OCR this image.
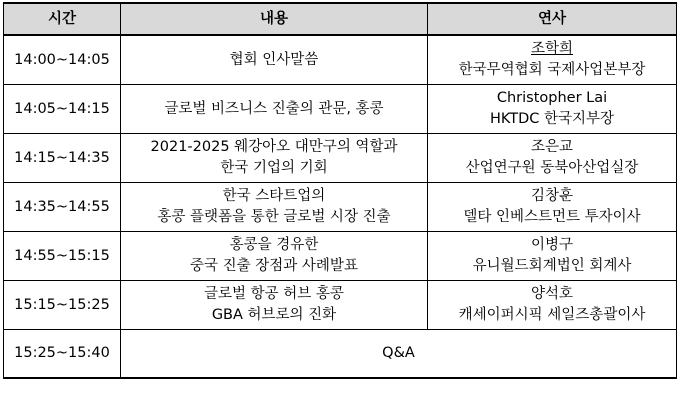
시간	내용	연사
14:00~14:05	협회 인사말씀	조학희
한국무역협회 국제사업본부장

14:05~14:15	글로벌 비즈니스 진출의 관문, 홍콩	Christopher Lai
HKTDC 한국지부장

14:15~14:35	2021-2025 웨강아오 대만구의 역할과
한국 기업의 기회	조은교
산업연구원 동북아산업실장

14:35~14:55	한국 스타트업의
홍콩 플랫폼을 통한 글로벌 시장 진출	김창훈
델타 인베스트먼트 투자이사

14:55~15:15	홍콩을 경유한
중국 진출 장점과 사례발표	이병구
유니월드회계법인 회계사

15:15~15:25	글로벌 항공 허브 홍콩
GBA 허브로의 진화	양석호
캐세이퍼시픽 세일즈총괄이사

15:25~15:40	Q&A	
